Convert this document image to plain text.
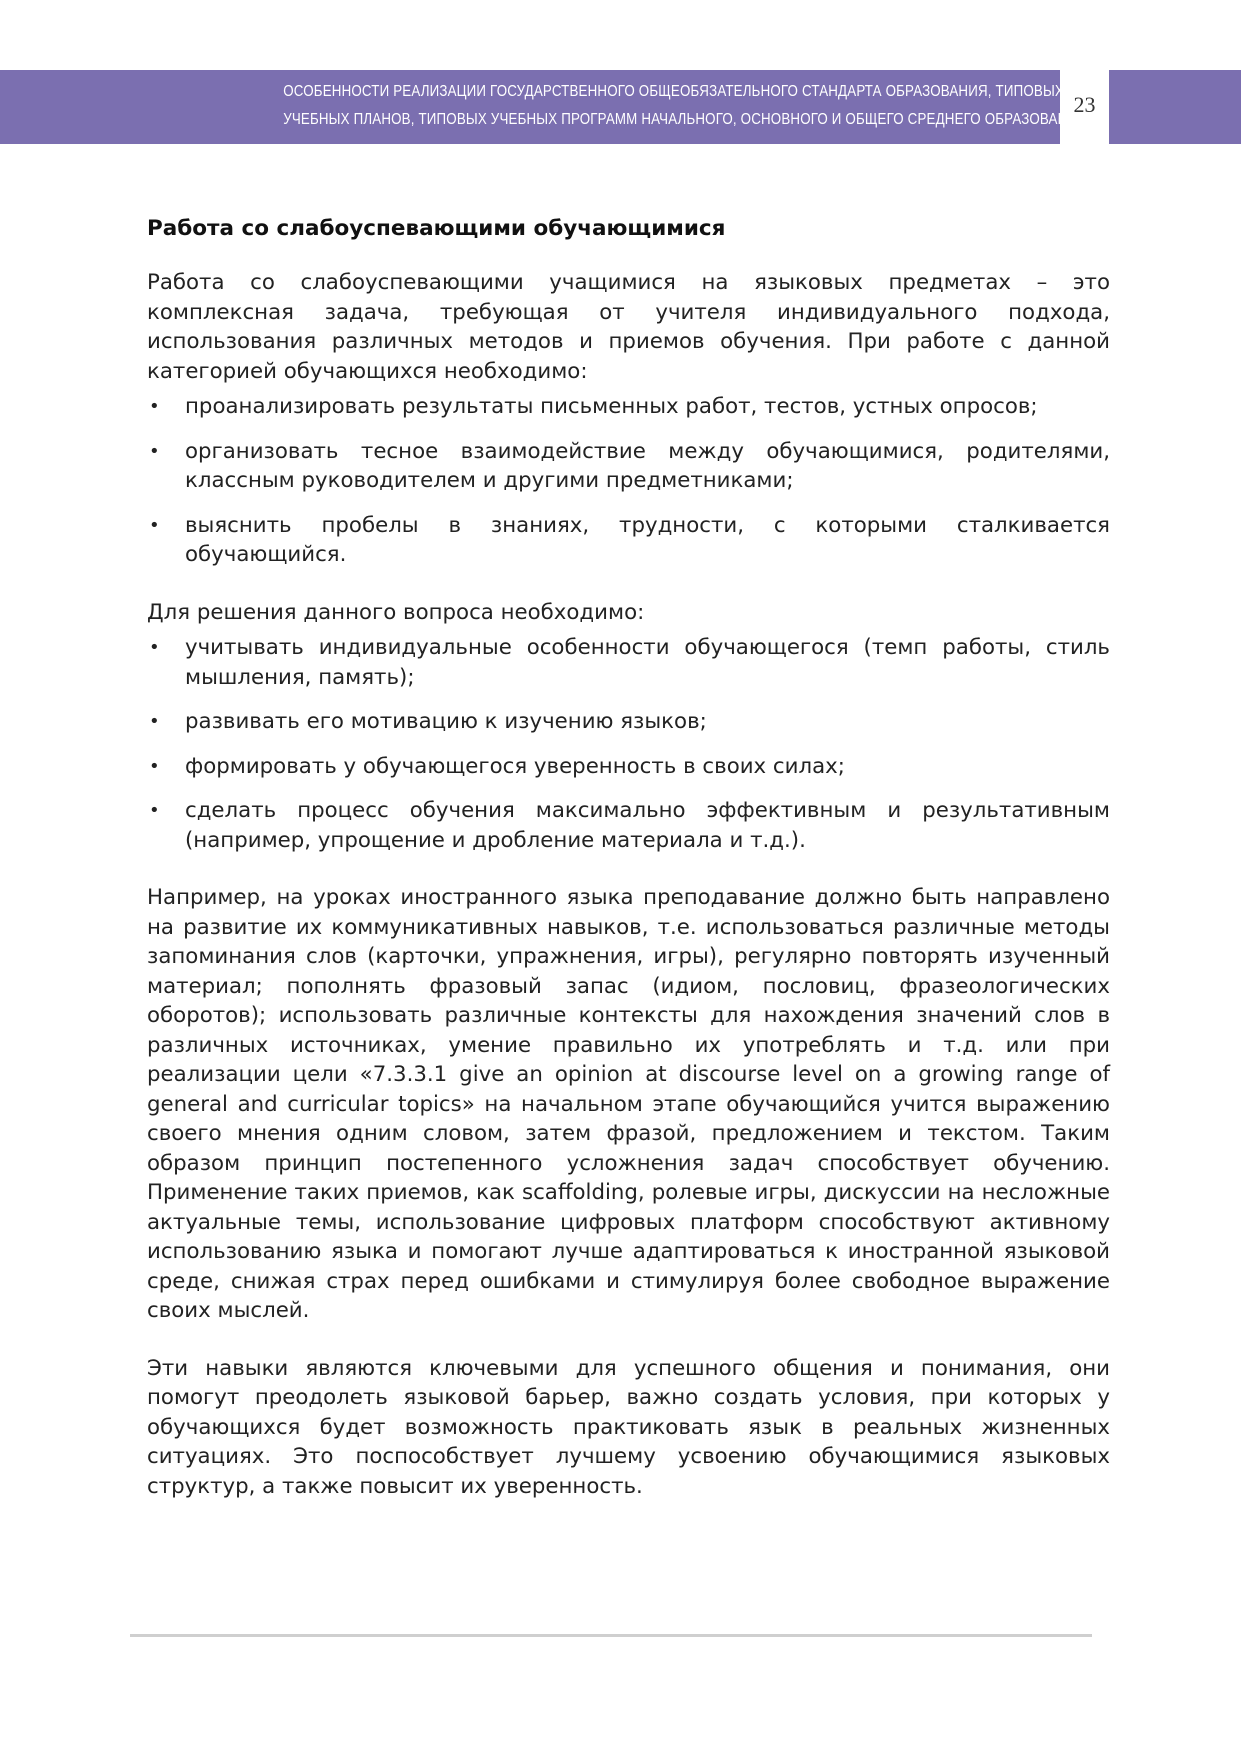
ОСОБЕННОСТИ РЕАЛИЗАЦИИ ГОСУДАРСТВЕННОГО ОБЩЕОБЯЗАТЕЛЬНОГО СТАНДАРТА ОБРАЗОВАНИЯ, ТИПОВЫХ
УЧЕБНЫХ ПЛАНОВ, ТИПОВЫХ УЧЕБНЫХ ПРОГРАММ НАЧАЛЬНОГО, ОСНОВНОГО И ОБЩЕГО СРЕДНЕГО ОБРАЗОВАНИЯ
23
Работа со слабоуспевающими обучающимися

Работа со слабоуспевающими учащимися на языковых предметах – это комплексная задача, требующая от учителя индивидуального подхода, использования различных методов и приемов обучения. При работе с данной категорией обучающихся необходимо:

• проанализировать результаты письменных работ, тестов, устных опросов;
• организовать тесное взаимодействие между обучающимися, родителями, классным руководителем и другими предметниками;
• выяснить пробелы в знаниях, трудности, с которыми сталкивается обучающийся.

Для решения данного вопроса необходимо:

• учитывать индивидуальные особенности обучающегося (темп работы, стиль мышления, память);
• развивать его мотивацию к изучению языков;
• формировать у обучающегося уверенность в своих силах;
• сделать процесс обучения максимально эффективным и результативным (например, упрощение и дробление материала и т.д.).

Например, на уроках иностранного языка преподавание должно быть направлено на развитие их коммуникативных навыков, т.е. использоваться различные методы запоминания слов (карточки, упражнения, игры), регулярно повторять изученный материал; пополнять фразовый запас (идиом, пословиц, фразеологических оборотов); использовать различные контексты для нахождения значений слов в различных источниках, умение правильно их употреблять и т.д. или при реализации цели «7.3.3.1 give an opinion at discourse level on a growing range of general and curricular topics» на начальном этапе обучающийся учится выражению своего мнения одним словом, затем фразой, предложением и текстом. Таким образом принцип постепенного усложнения задач способствует обучению. Применение таких приемов, как scaffolding, ролевые игры, дискуссии на несложные актуальные темы, использование цифровых платформ способствуют активному использованию языка и помогают лучше адаптироваться к иностранной языковой среде, снижая страх перед ошибками и стимулируя более свободное выражение своих мыслей.

Эти навыки являются ключевыми для успешного общения и понимания, они помогут преодолеть языковой барьер, важно создать условия, при которых у обучающихся будет возможность практиковать язык в реальных жизненных ситуациях. Это поспособствует лучшему усвоению обучающимися языковых структур, а также повысит их уверенность.
